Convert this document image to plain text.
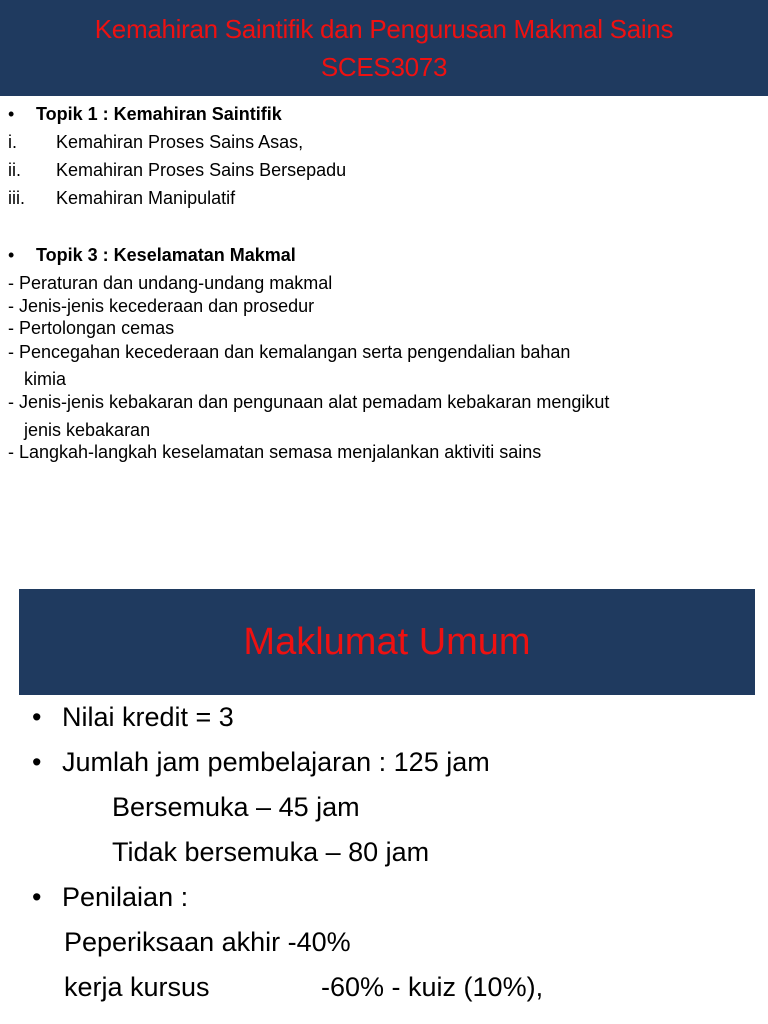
Kemahiran Saintifik dan Pengurusan Makmal Sains
SCES3073
• Topik 1 : Kemahiran Saintifik
i. Kemahiran Proses Sains Asas,
ii. Kemahiran Proses Sains Bersepadu
iii. Kemahiran Manipulatif
• Topik 3 : Keselamatan Makmal
- Peraturan dan undang-undang makmal
- Jenis-jenis kecederaan dan prosedur
- Pertolongan cemas
- Pencegahan kecederaan dan kemalangan serta pengendalian bahan
kimia
- Jenis-jenis kebakaran dan pengunaan alat pemadam kebakaran mengikut
jenis kebakaran
- Langkah-langkah keselamatan semasa menjalankan aktiviti sains
Maklumat Umum
• Nilai kredit = 3
• Jumlah jam pembelajaran : 125 jam
Bersemuka – 45 jam
Tidak bersemuka – 80 jam
• Penilaian :
Peperiksaan akhir -40%
kerja kursus	-60% - kuiz (10%),
